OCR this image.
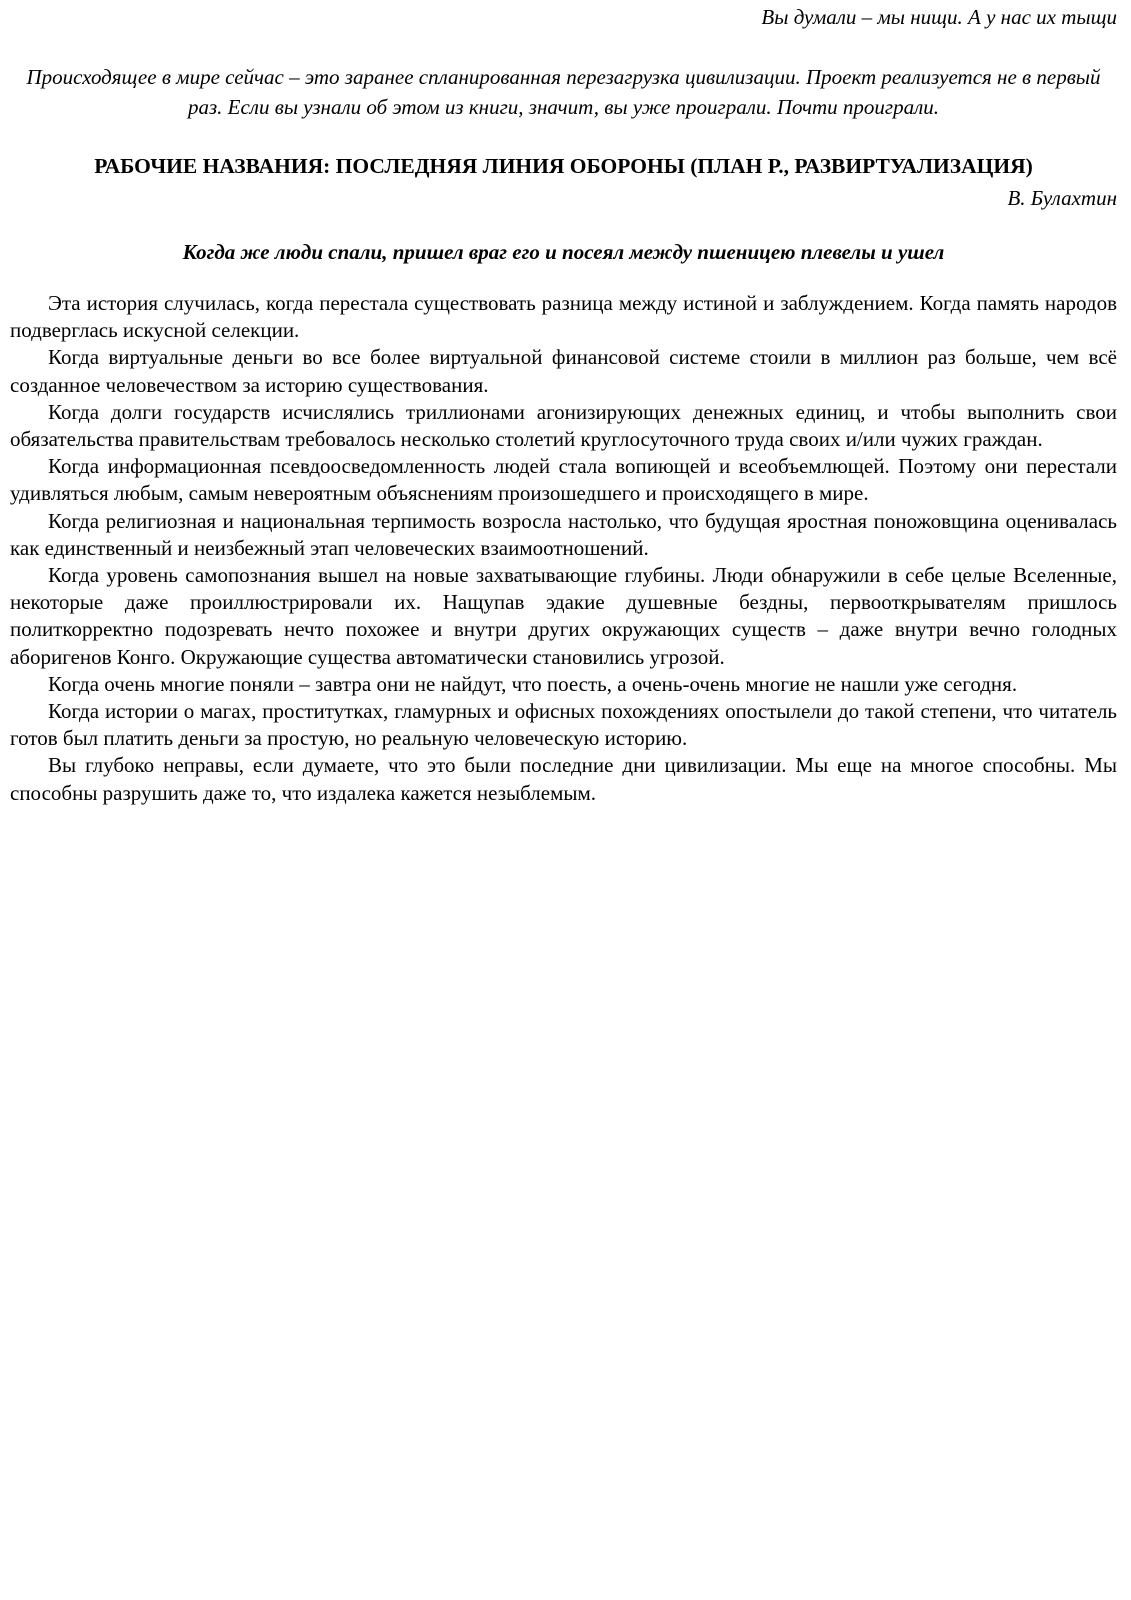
Вы думали – мы нищи. А у нас их тыщи

Происходящее в мире сейчас – это заранее спланированная перезагрузка цивилизации. Проект реализуется не в первый раз. Если вы узнали об этом из книги, значит, вы уже проиграли. Почти проиграли.

РАБОЧИЕ НАЗВАНИЯ: ПОСЛЕДНЯЯ ЛИНИЯ ОБОРОНЫ (ПЛАН Р., РАЗВИРТУАЛИЗАЦИЯ)

В. Булахтин

Когда же люди спали, пришел враг его и посеял между пшеницею плевелы и ушел

Эта история случилась, когда перестала существовать разница между истиной и заблуждением. Когда память народов подверглась искусной селекции.

Когда виртуальные деньги во все более виртуальной финансовой системе стоили в миллион раз больше, чем всё созданное человечеством за историю существования.

Когда долги государств исчислялись триллионами агонизирующих денежных единиц, и чтобы выполнить свои обязательства правительствам требовалось несколько столетий круглосуточного труда своих и/или чужих граждан.

Когда информационная псевдоосведомленность людей стала вопиющей и всеобъемлющей. Поэтому они перестали удивляться любым, самым невероятным объяснениям произошедшего и происходящего в мире.

Когда религиозная и национальная терпимость возросла настолько, что будущая яростная поножовщина оценивалась как единственный и неизбежный этап человеческих взаимоотношений.

Когда уровень самопознания вышел на новые захватывающие глубины. Люди обнаружили в себе целые Вселенные, некоторые даже проиллюстрировали их. Нащупав эдакие душевные бездны, первооткрывателям пришлось политкорректно подозревать нечто похожее и внутри других окружающих существ – даже внутри вечно голодных аборигенов Конго. Окружающие существа автоматически становились угрозой.

Когда очень многие поняли – завтра они не найдут, что поесть, а очень-очень многие не нашли уже сегодня.

Когда истории о магах, проститутках, гламурных и офисных похождениях опостылели до такой степени, что читатель готов был платить деньги за простую, но реальную человеческую историю.

Вы глубоко неправы, если думаете, что это были последние дни цивилизации. Мы еще на многое способны. Мы способны разрушить даже то, что издалека кажется незыблемым.
